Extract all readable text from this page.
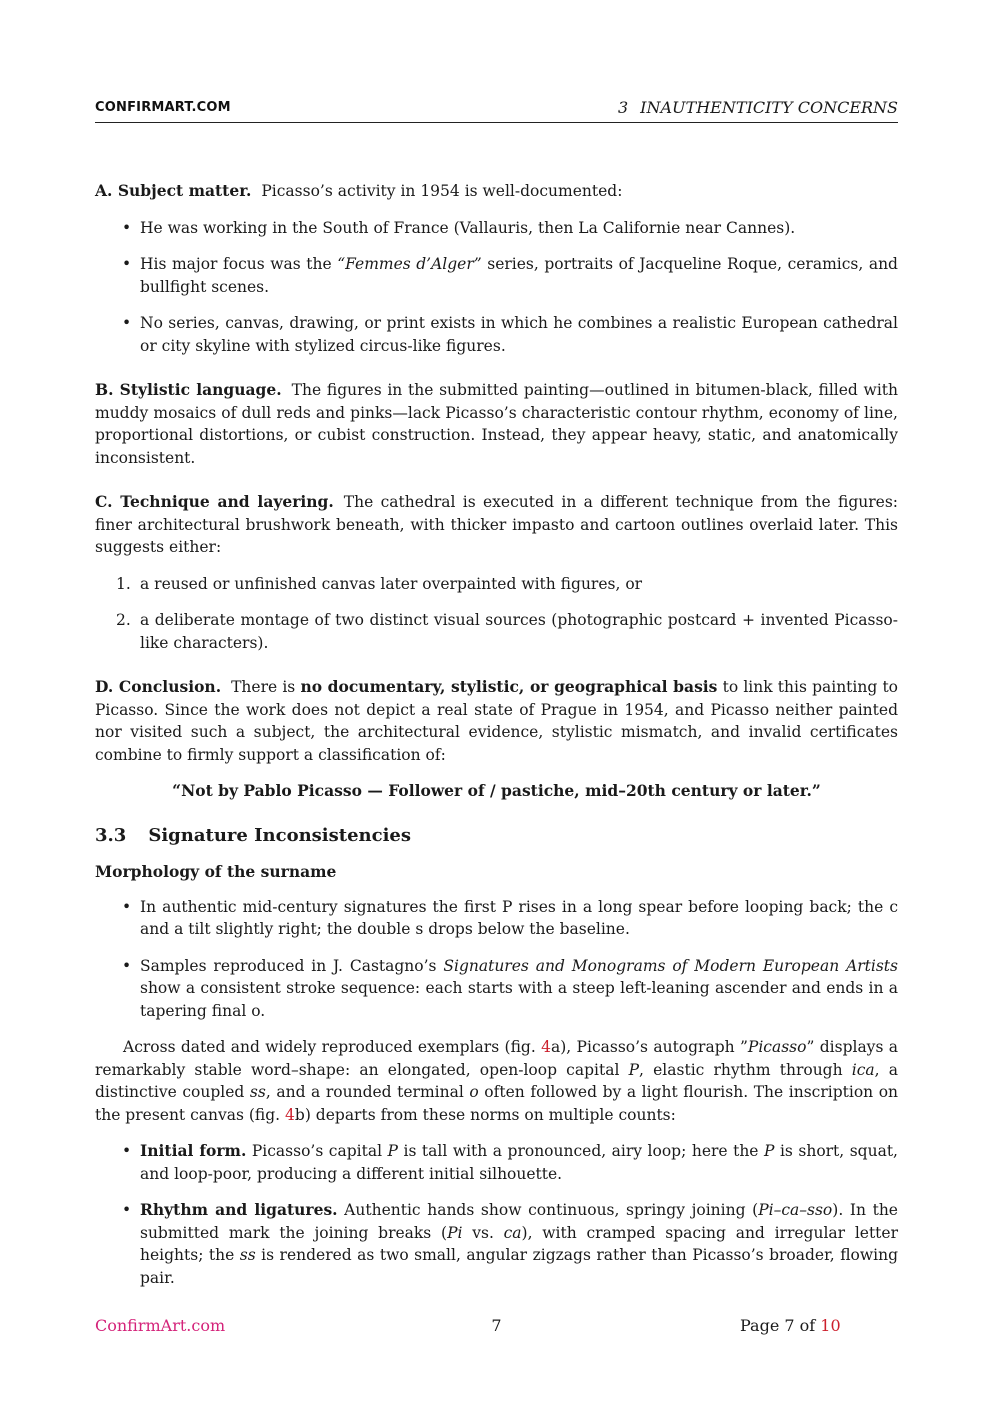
CONFIRMART.COM	3 INAUTHENTICITY CONCERNS

A. Subject matter. Picasso’s activity in 1954 is well-documented:

• He was working in the South of France (Vallauris, then La Californie near Cannes).
• His major focus was the “Femmes d’Alger” series, portraits of Jacqueline Roque, ceramics, and bullfight scenes.
• No series, canvas, drawing, or print exists in which he combines a realistic European cathedral or city skyline with stylized circus-like figures.

B. Stylistic language. The figures in the submitted painting—outlined in bitumen-black, filled with muddy mosaics of dull reds and pinks—lack Picasso’s characteristic contour rhythm, economy of line, proportional distortions, or cubist construction. Instead, they appear heavy, static, and anatomically inconsistent.

C. Technique and layering. The cathedral is executed in a different technique from the figures: finer architectural brushwork beneath, with thicker impasto and cartoon outlines overlaid later. This suggests either:

1. a reused or unfinished canvas later overpainted with figures, or
2. a deliberate montage of two distinct visual sources (photographic postcard + invented Picasso-like characters).

D. Conclusion. There is no documentary, stylistic, or geographical basis to link this painting to Picasso. Since the work does not depict a real state of Prague in 1954, and Picasso neither painted nor visited such a subject, the architectural evidence, stylistic mismatch, and invalid certificates combine to firmly support a classification of:

“Not by Pablo Picasso — Follower of / pastiche, mid–20th century or later.”

3.3 Signature Inconsistencies
Morphology of the surname
• In authentic mid-century signatures the first P rises in a long spear before looping back; the c and a tilt slightly right; the double s drops below the baseline.
• Samples reproduced in J. Castagno’s Signatures and Monograms of Modern European Artists show a consistent stroke sequence: each starts with a steep left-leaning ascender and ends in a tapering final o.

Across dated and widely reproduced exemplars (fig. 4a), Picasso’s autograph ”Picasso” displays a remarkably stable word–shape: an elongated, open-loop capital P, elastic rhythm through ica, a distinctive coupled ss, and a rounded terminal o often followed by a light flourish. The inscription on the present canvas (fig. 4b) departs from these norms on multiple counts:

• Initial form. Picasso’s capital P is tall with a pronounced, airy loop; here the P is short, squat, and loop-poor, producing a different initial silhouette.
• Rhythm and ligatures. Authentic hands show continuous, springy joining (Pi–ca–sso). In the submitted mark the joining breaks (Pi vs. ca), with cramped spacing and irregular letter heights; the ss is rendered as two small, angular zigzags rather than Picasso’s broader, flowing pair.
ConfirmArt.com	7	Page 7 of 10
